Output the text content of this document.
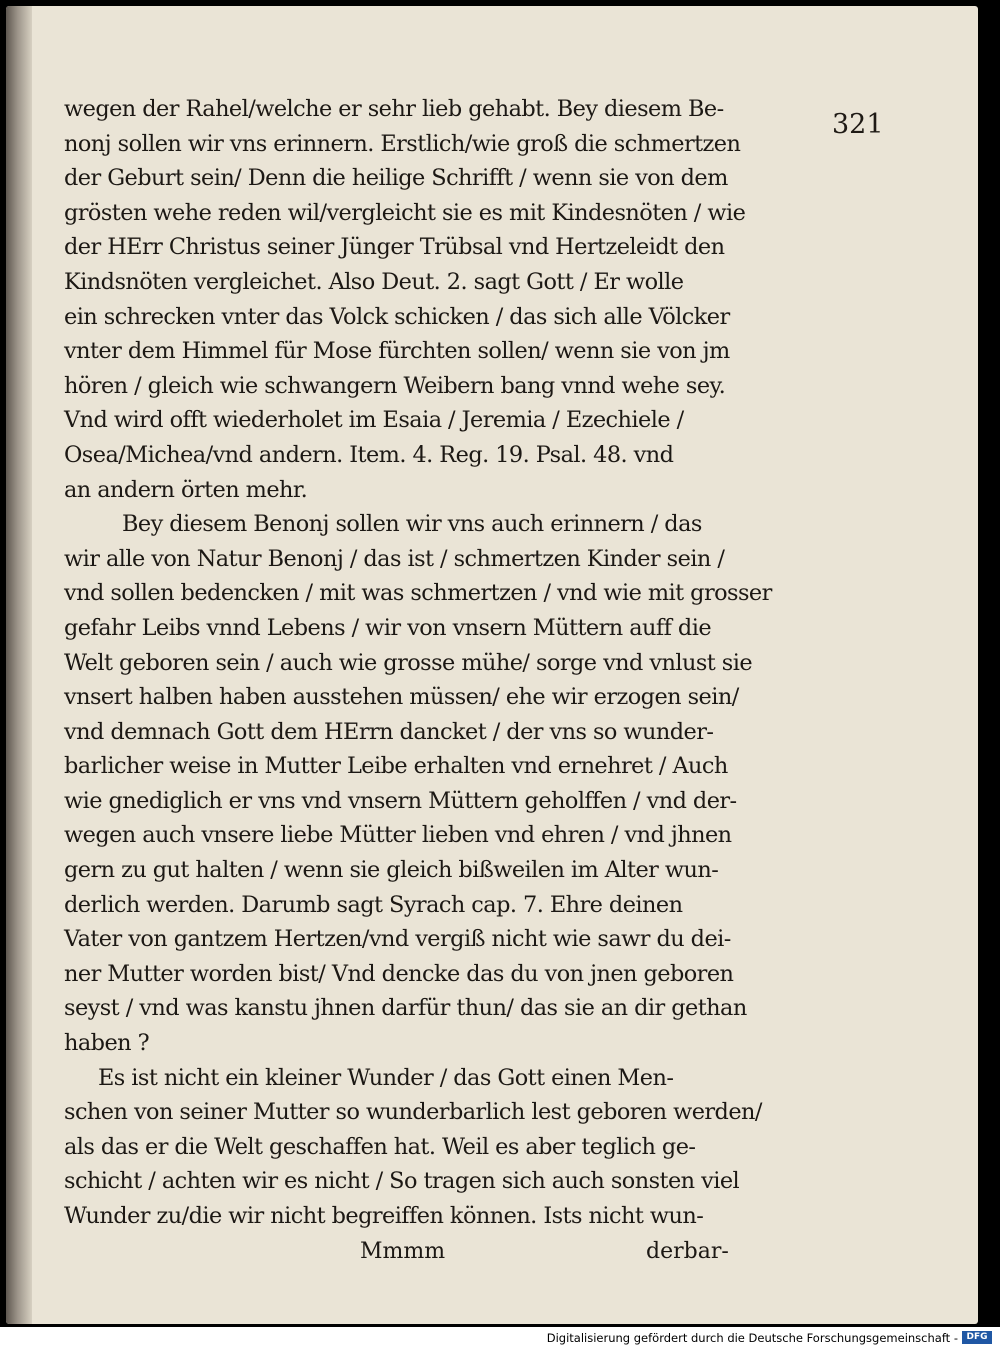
321
wegen der Rahel/welche er sehr lieb gehabt. Bey diesem Be-
nonj sollen wir vns erinnern. Erstlich/wie groß die schmertzen
der Geburt sein/ Denn die heilige Schrifft / wenn sie von dem
grösten wehe reden wil/vergleicht sie es mit Kindesnöten / wie
der HErr Christus seiner Jünger Trübsal vnd Hertzeleidt den
Kindsnöten vergleichet. Also Deut. 2. sagt Gott / Er wolle
ein schrecken vnter das Volck schicken / das sich alle Völcker
vnter dem Himmel für Mose fürchten sollen/ wenn sie von jm
hören / gleich wie schwangern Weibern bang vnnd wehe sey.
Vnd wird offt wiederholet im Esaia / Jeremia / Ezechiele /
Osea/Michea/vnd andern. Item. 4. Reg. 19. Psal. 48. vnd
an andern örten mehr.
Bey diesem Benonj sollen wir vns auch erinnern / das
wir alle von Natur Benonj / das ist / schmertzen Kinder sein /
vnd sollen bedencken / mit was schmertzen / vnd wie mit grosser
gefahr Leibs vnnd Lebens / wir von vnsern Müttern auff die
Welt geboren sein / auch wie grosse mühe/ sorge vnd vnlust sie
vnsert halben haben ausstehen müssen/ ehe wir erzogen sein/
vnd demnach Gott dem HErrn dancket / der vns so wunder-
barlicher weise in Mutter Leibe erhalten vnd ernehret / Auch
wie gnediglich er vns vnd vnsern Müttern geholffen / vnd der-
wegen auch vnsere liebe Mütter lieben vnd ehren / vnd jhnen
gern zu gut halten / wenn sie gleich bißweilen im Alter wun-
derlich werden. Darumb sagt Syrach cap. 7. Ehre deinen
Vater von gantzem Hertzen/vnd vergiß nicht wie sawr du dei-
ner Mutter worden bist/ Vnd dencke das du von jnen geboren
seyst / vnd was kanstu jhnen darfür thun/ das sie an dir gethan
haben ?
Es ist nicht ein kleiner Wunder / das Gott einen Men-
schen von seiner Mutter so wunderbarlich lest geboren werden/
als das er die Welt geschaffen hat. Weil es aber teglich ge-
schicht / achten wir es nicht / So tragen sich auch sonsten viel
Wunder zu/die wir nicht begreiffen können. Ists nicht wun-
Mmmm	derbar-
Digitalisierung gefördert durch die Deutsche Forschungsgemeinschaft - DFG
